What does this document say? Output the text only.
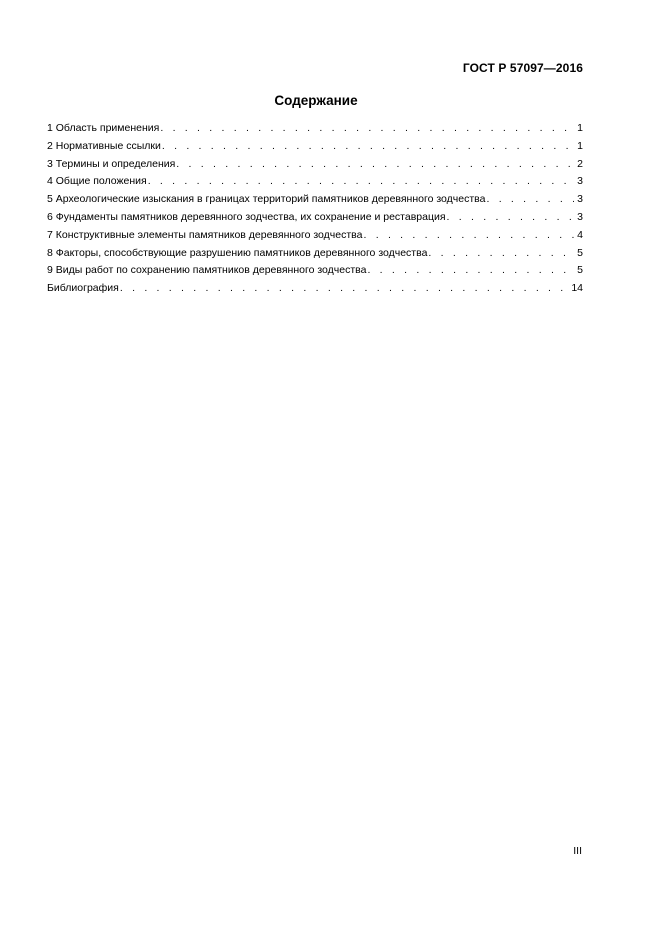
ГОСТ Р 57097—2016
Содержание
1 Область применения . . .	1
2 Нормативные ссылки . . .	1
3 Термины и определения . . .	2
4 Общие положения . . .	3
5 Археологические изыскания в границах территорий памятников деревянного зодчества . . .	3
6 Фундаменты памятников деревянного зодчества, их сохранение и реставрация . . .	3
7 Конструктивные элементы памятников деревянного зодчества . . .	4
8 Факторы, способствующие разрушению памятников деревянного зодчества . . .	5
9 Виды работ по сохранению памятников деревянного зодчества . . .	5
Библиография . . .	14
III
